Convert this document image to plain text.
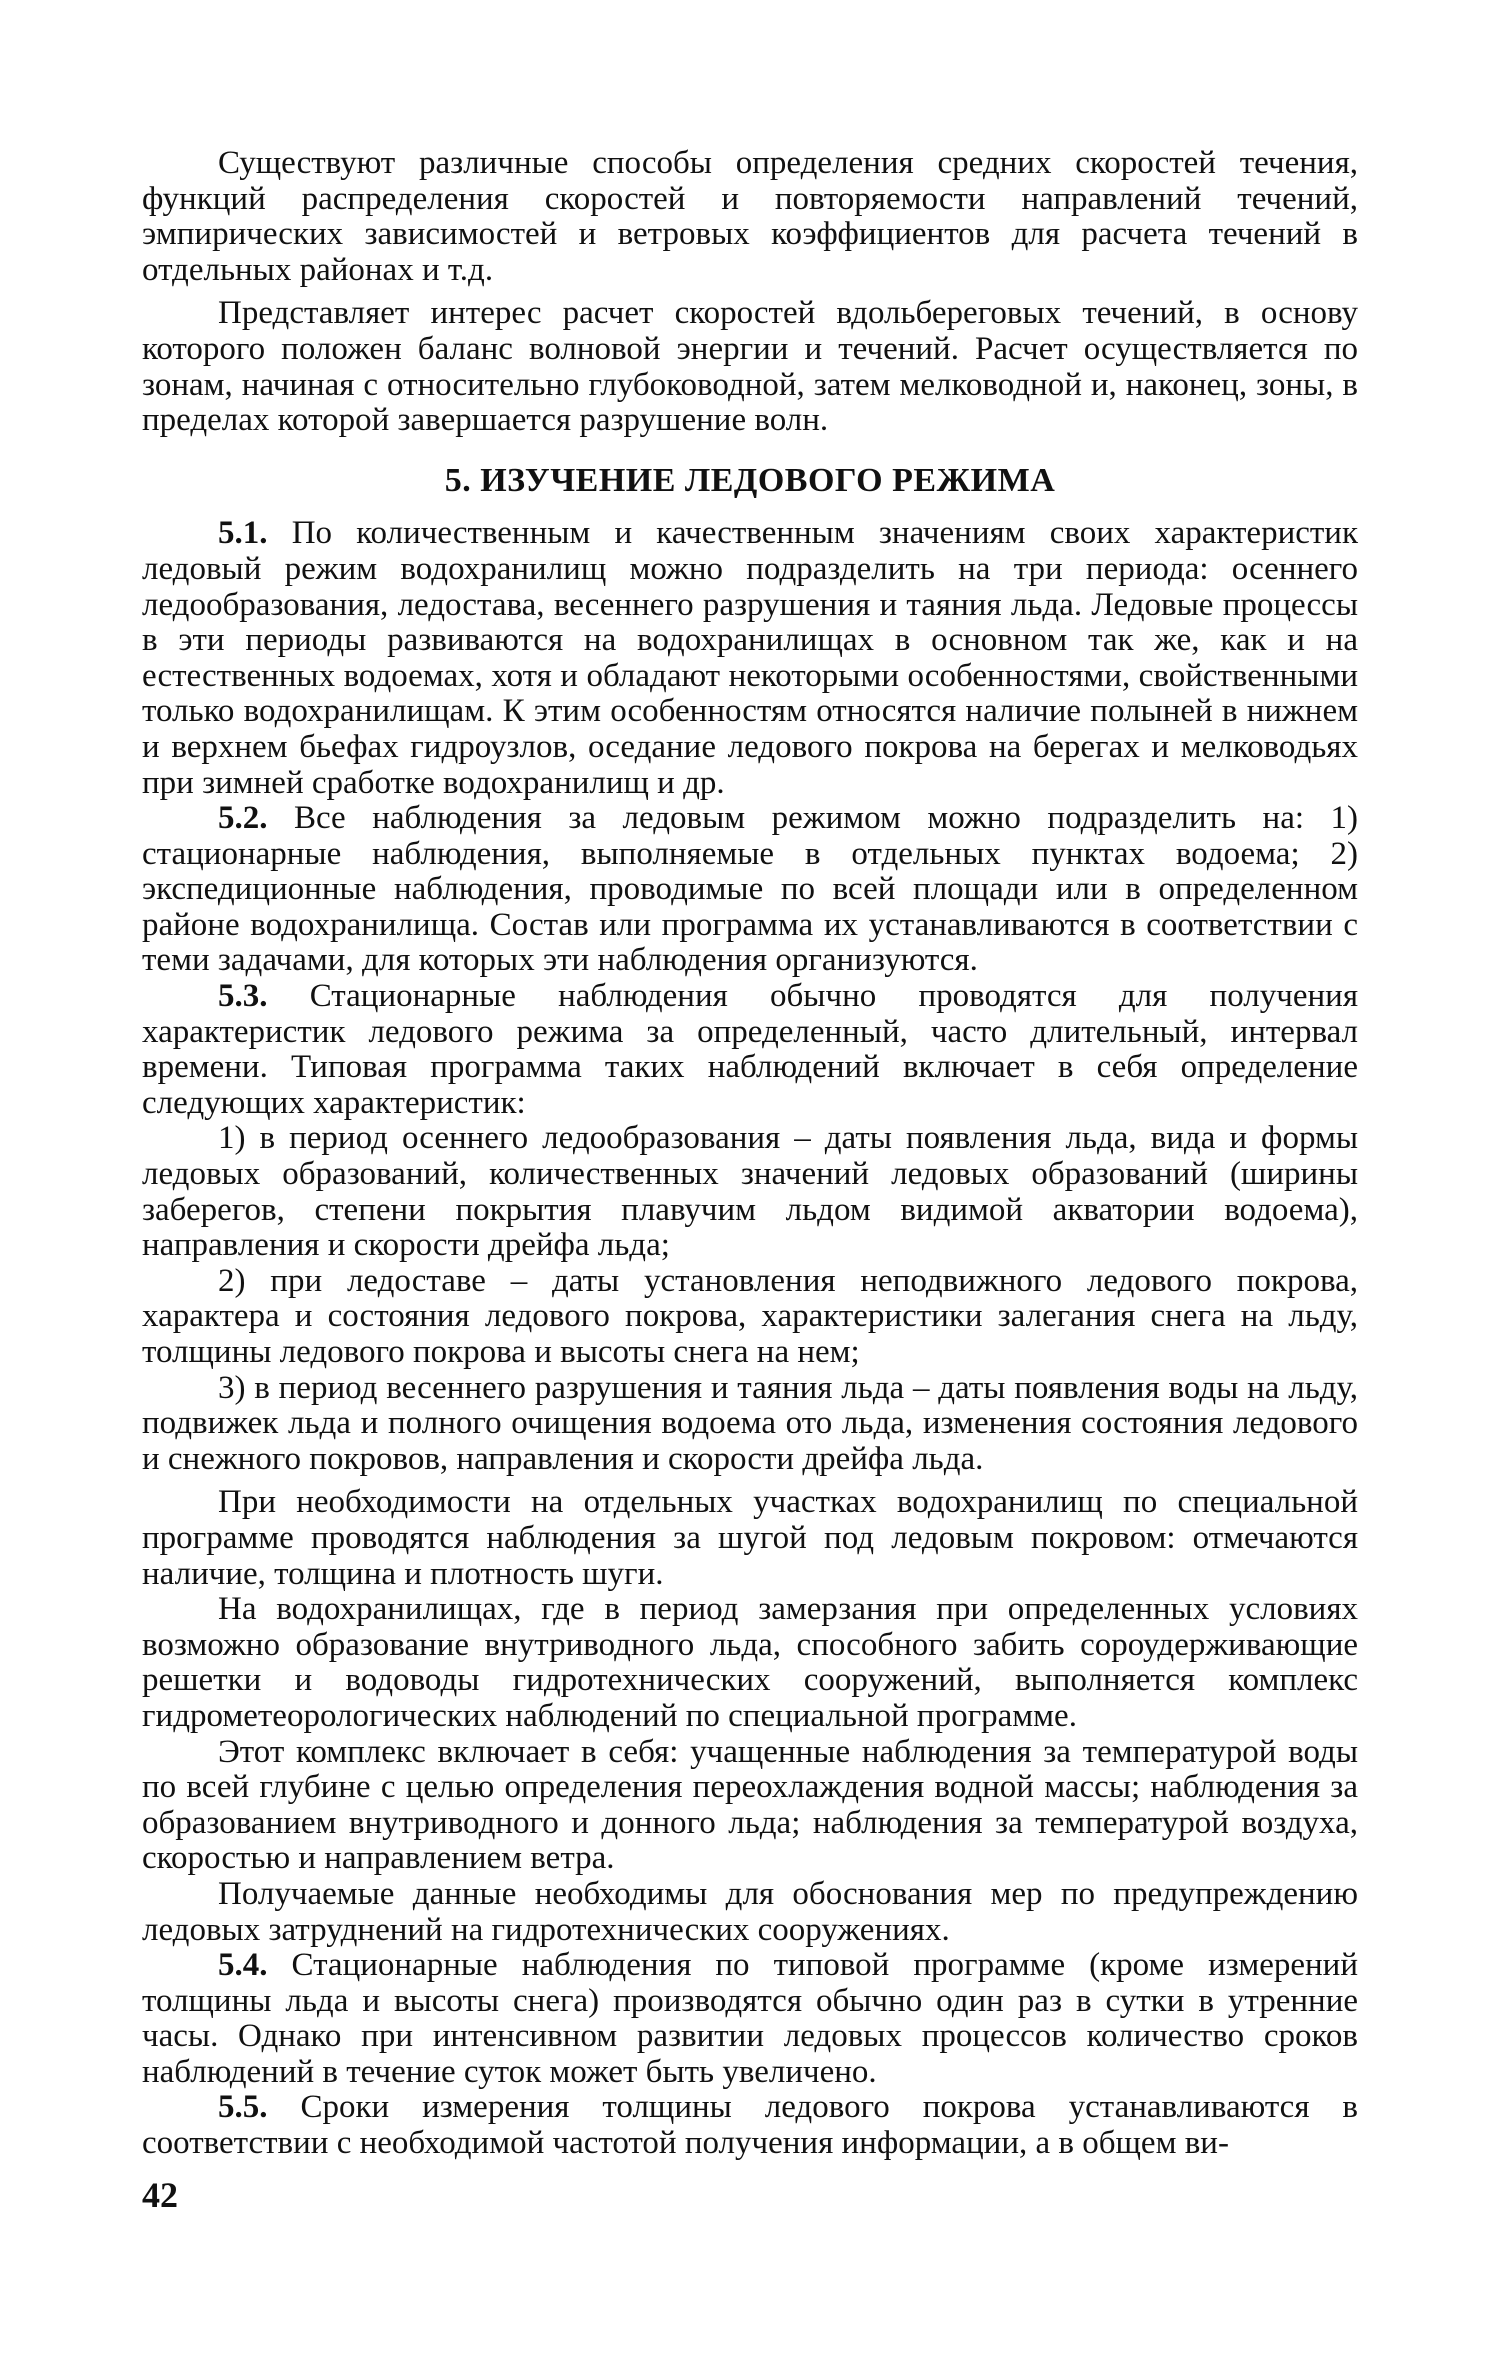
Существуют различные способы определения средних скоростей течения, функций распределения скоростей и повторяемости направлений течений, эмпирических зависимостей и ветровых коэффициентов для расчета течений в отдельных районах и т.д.

Представляет интерес расчет скоростей вдольбереговых течений, в основу которого положен баланс волновой энергии и течений. Расчет осуществляется по зонам, начиная с относительно глубоководной, затем мелководной и, наконец, зоны, в пределах которой завершается разрушение волн.

5. ИЗУЧЕНИЕ ЛЕДОВОГО РЕЖИМА

5.1. По количественным и качественным значениям своих характеристик ледовый режим водохранилищ можно подразделить на три периода: осеннего ледообразования, ледостава, весеннего разрушения и таяния льда. Ледовые процессы в эти периоды развиваются на водохранилищах в основном так же, как и на естественных водоемах, хотя и обладают некоторыми особенностями, свойственными только водохранилищам. К этим особенностям относятся наличие полыней в нижнем и верхнем бьефах гидроузлов, оседание ледового покрова на берегах и мелководьях при зимней сработке водохранилищ и др.

5.2. Все наблюдения за ледовым режимом можно подразделить на: 1) стационарные наблюдения, выполняемые в отдельных пунктах водоема; 2) экспедиционные наблюдения, проводимые по всей площади или в определенном районе водохранилища. Состав или программа их устанавливаются в соответствии с теми задачами, для которых эти наблюдения организуются.

5.3. Стационарные наблюдения обычно проводятся для получения характеристик ледового режима за определенный, часто длительный, интервал времени. Типовая программа таких наблюдений включает в себя определение следующих характеристик:

1) в период осеннего ледообразования – даты появления льда, вида и формы ледовых образований, количественных значений ледовых образований (ширины заберегов, степени покрытия плавучим льдом видимой акватории водоема), направления и скорости дрейфа льда;

2) при ледоставе – даты установления неподвижного ледового покрова, характера и состояния ледового покрова, характеристики залегания снега на льду, толщины ледового покрова и высоты снега на нем;

3) в период весеннего разрушения и таяния льда – даты появления воды на льду, подвижек льда и полного очищения водоема ото льда, изменения состояния ледового и снежного покровов, направления и скорости дрейфа льда.

При необходимости на отдельных участках водохранилищ по специальной программе проводятся наблюдения за шугой под ледовым покровом: отмечаются наличие, толщина и плотность шуги.

На водохранилищах, где в период замерзания при определенных условиях возможно образование внутриводного льда, способного забить сороудерживающие решетки и водоводы гидротехнических сооружений, выполняется комплекс гидрометеорологических наблюдений по специальной программе.

Этот комплекс включает в себя: учащенные наблюдения за температурой воды по всей глубине с целью определения переохлаждения водной массы; наблюдения за образованием внутриводного и донного льда; наблюдения за температурой воздуха, скоростью и направлением ветра.

Получаемые данные необходимы для обоснования мер по предупреждению ледовых затруднений на гидротехнических сооружениях.

5.4. Стационарные наблюдения по типовой программе (кроме измерений толщины льда и высоты снега) производятся обычно один раз в сутки в утренние часы. Однако при интенсивном развитии ледовых процессов количество сроков наблюдений в течение суток может быть увеличено.

5.5. Сроки измерения толщины ледового покрова устанавливаются в соответствии с необходимой частотой получения информации, а в общем ви-

42
